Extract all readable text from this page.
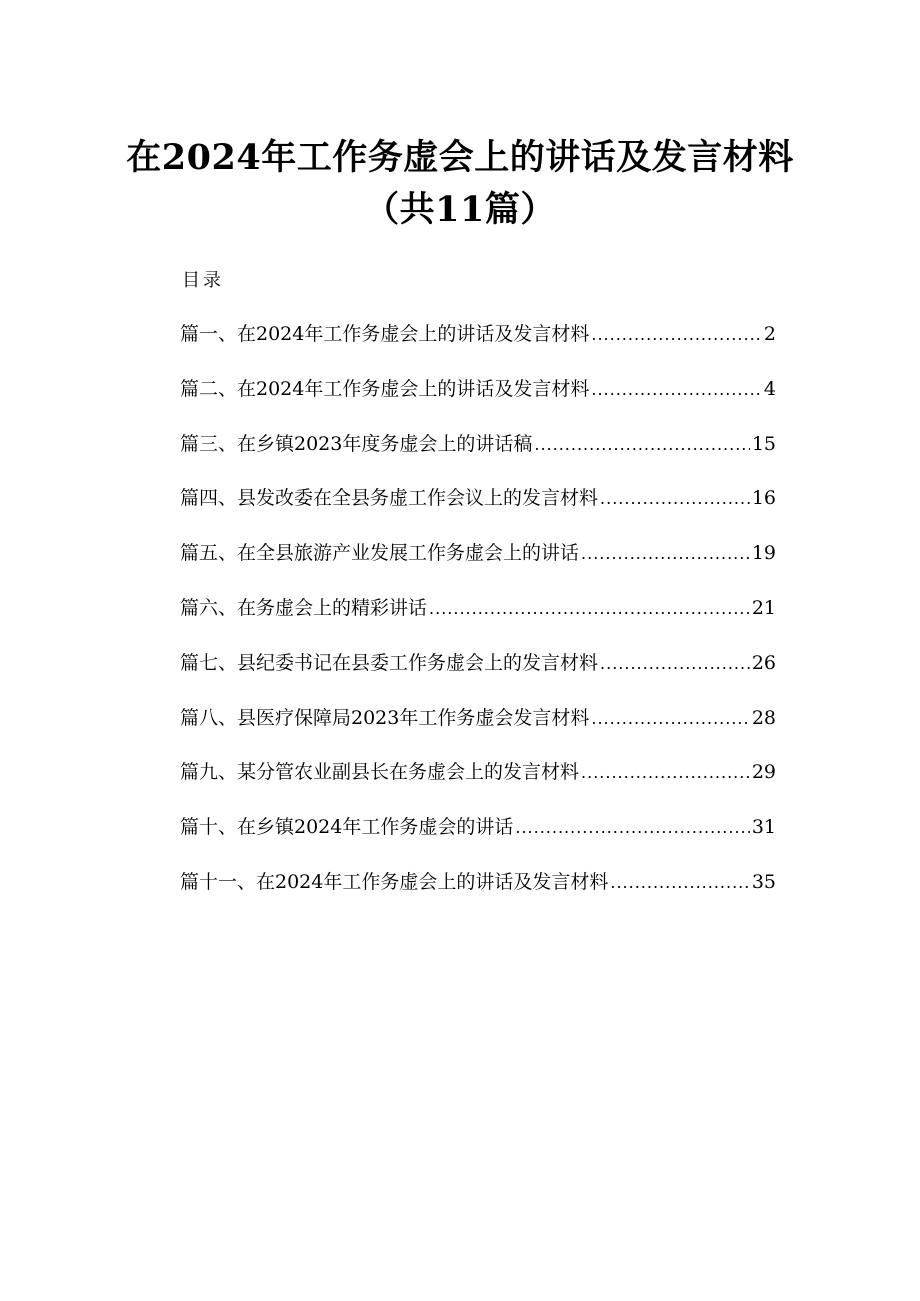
在2024年工作务虚会上的讲话及发言材料
（共11篇）
目录
篇一、在2024年工作务虚会上的讲话及发言材料 .....	2
篇二、在2024年工作务虚会上的讲话及发言材料 .....	4
篇三、在乡镇2023年度务虚会上的讲话稿 .....	15
篇四、县发改委在全县务虚工作会议上的发言材料 .....	16
篇五、在全县旅游产业发展工作务虚会上的讲话 .....	19
篇六、在务虚会上的精彩讲话 .....	21
篇七、县纪委书记在县委工作务虚会上的发言材料 .....	26
篇八、县医疗保障局2023年工作务虚会发言材料 .....	28
篇九、某分管农业副县长在务虚会上的发言材料 .....	29
篇十、在乡镇2024年工作务虚会的讲话 .....	31
篇十一、在2024年工作务虚会上的讲话及发言材料 .....	35
